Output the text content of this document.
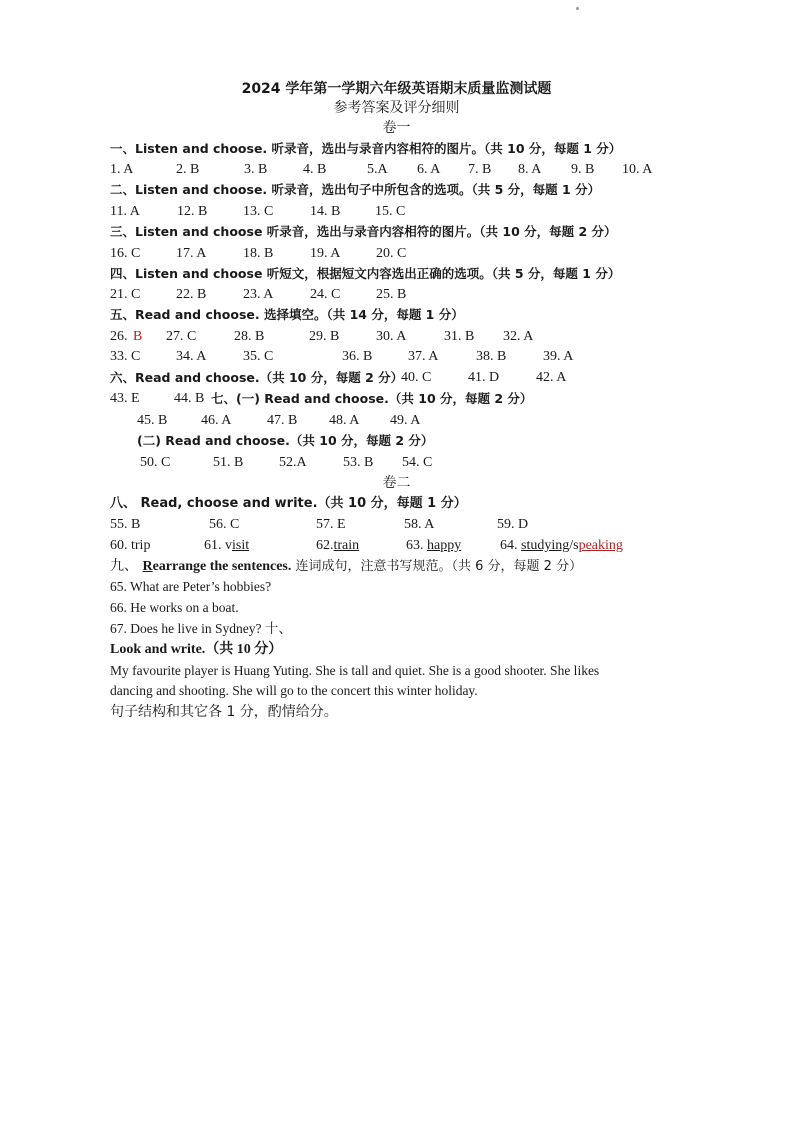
2024 学年第一学期六年级英语期末质量监测试题
参考答案及评分细则
卷一
一、Listen and choose. 听录音，选出与录音内容相符的图片。（共 10 分，每题 1 分）
1. A	2. B	3. B	4. B	5.A 6. A 7. B 8. A 9. B 10. A
二、Listen and choose. 听录音，选出句子中所包含的选项。（共 5 分，每题 1 分）
11. A	12. B	13. C	14. B 15. C
三、Listen and choose 听录音，选出与录音内容相符的图片。（共 10 分，每题 2 分）
16. C	17. A	18. B	19. A	20. C
四、Listen and choose 听短文，根据短文内容选出正确的选项。（共 5 分，每题 1 分）
21. C	22. B	23. A	24. C	25. B
五、Read and choose. 选择填空。（共 14 分，每题 1 分）
26. B 27. C	28. B	29. B	30. A	31. B 32. A
33. C	34. A	35. C	36. B	37. A	38. B	39. A
六、Read and choose.（共 10 分，每题 2 分）
40. C	41. D	42. A
43. E 44. B 七、(一) Read and choose.（共 10 分，每题 2 分）
45. B 46. A	47. B 48. A 49. A
(二) Read and choose.（共 10 分，每题 2 分）
50. C	51. B	52.A	53. B 54. C
卷二
八、 Read, choose and write.（共 10 分，每题 1 分）
55. B	56. C	57. E	58. A	59. D
60. trip	61. visit	62.train	63. happy	64. studying/speaking
九、 Rearrange the sentences. 连词成句，注意书写规范。（共 6 分，每题 2 分）
65. What are Peter’s hobbies?
66. He works on a boat.
67. Does he live in Sydney? 十、
Look and write.（共 10 分）
My favourite player is Huang Yuting. She is tall and quiet. She is a good shooter. She likes
dancing and shooting. She will go to the concert this winter holiday.
句子结构和其它各 1 分，酌情给分。
